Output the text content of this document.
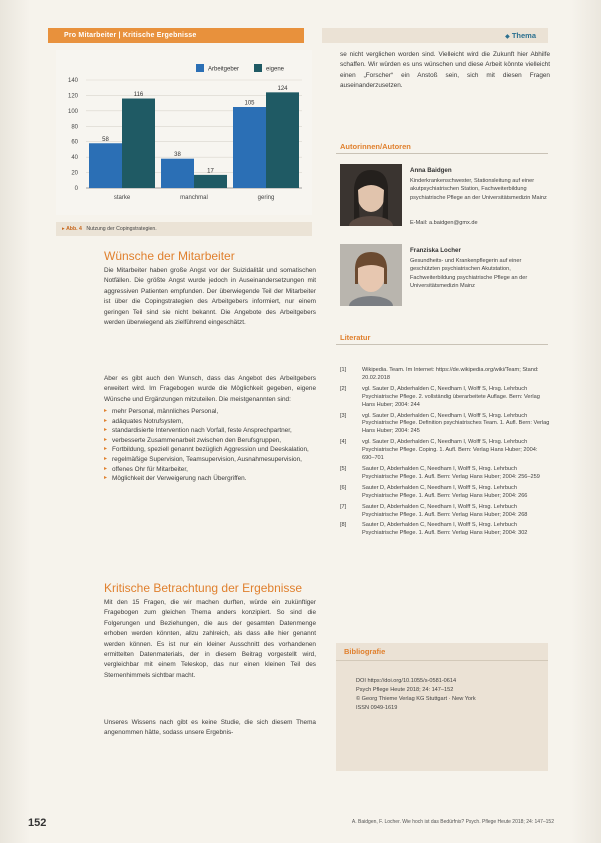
Pro Mitarbeiter | Kritische Ergebnisse	◆ Thema
0
20
40
60
80
100
120
140
58
116
starke
38
17
manchmal
105
124
gering
Arbeitgeber	eigene
▸ Abb. 4 Nutzung der Copingstrategien.
Wünsche der Mitarbeiter
Die Mitarbeiter haben große Angst vor der Suizidalität und somatischen Notfällen. Die größte Angst wurde jedoch in Auseinandersetzungen mit aggressiven Patienten empfunden. Der überwiegende Teil der Mitarbeiter ist über die Copingstrategien des Arbeitgebers informiert, nur einem geringen Teil sind sie nicht bekannt. Die Angebote des Arbeitgebers werden überwiegend als zielführend eingeschätzt.
Aber es gibt auch den Wunsch, dass das Angebot des Arbeitgebers erweitert wird. Im Fragebogen wurde die Möglichkeit gegeben, eigene Wünsche und Ergänzungen mitzuteilen. Die meistgenannten sind:
▸ mehr Personal, männliches Personal,
▸ adäquates Notrufsystem,
▸ standardisierte Intervention nach Vorfall, feste Ansprechpartner,
▸ verbesserte Zusammenarbeit zwischen den Berufsgruppen,
▸ Fortbildung, speziell genannt bezüglich Aggression und Deeskalation,
▸ regelmäßige Supervision, Teamsupervision, Ausnahmesupervision,
▸ offenes Ohr für Mitarbeiter,
▸ Möglichkeit der Verweigerung nach Übergriffen.
Kritische Betrachtung der Ergebnisse
Mit den 15 Fragen, die wir machen durften, würde ein zukünftiger Fragebogen zum gleichen Thema anders konzipiert. So sind die Folgerungen und Beziehungen, die aus der gesamten Datenmenge erhoben werden könnten, allzu zahlreich, als dass alle hier genannt werden können. Es ist nur ein kleiner Ausschnitt des vorhandenen ermittelten Datenmaterials, der in diesem Beitrag vorgestellt wird, vergleichbar mit einem Teleskop, das nur einen kleinen Teil des Sternenhimmels sichtbar macht.
Unseres Wissens nach gibt es keine Studie, die sich diesem Thema angenommen hätte, sodass unsere Ergebnis-
se nicht verglichen worden sind. Vielleicht wird die Zukunft hier Abhilfe schaffen. Wir würden es uns wünschen und diese Arbeit könnte vielleicht einen „Forscher“ ein Anstoß sein, sich mit diesen Fragen auseinanderzusetzen.
Autorinnen/Autoren
Anna Baidgen
Kinderkrankenschwester, Stationsleitung auf einer akutpsychiatrischen Station, Fachweiterbildung psychiatrische Pflege an der Universitätsmedizin Mainz
E-Mail: a.baidgen@gmx.de
Franziska Locher
Gesundheits- und Krankenpflegerin auf einer geschützten psychiatrischen Akutstation, Fachweiterbildung psychiatrische Pflege an der Universitätsmedizin Mainz
Literatur
[1]	Wikipedia. Team. Im Internet: https://de.wikipedia.org/wiki/Team; Stand: 20.02.2018
[2]	vgl. Sauter D, Abderhalden C, Needham I, Wolff S, Hrsg. Lehrbuch Psychiatrische Pflege. 2. vollständig überarbeitete Auflage. Bern: Verlag Hans Huber; 2004: 244
[3]	vgl. Sauter D, Abderhalden C, Needham I, Wolff S, Hrsg. Lehrbuch Psychiatrische Pflege. Definition psychiatrisches Team. 1. Aufl. Bern: Verlag Hans Huber; 2004: 245
[4]	vgl. Sauter D, Abderhalden C, Needham I, Wolff S, Hrsg. Lehrbuch Psychiatrische Pflege. Coping. 1. Aufl. Bern: Verlag Hans Huber; 2004: 690–701
[5]	Sauter D, Abderhalden C, Needham I, Wolff S, Hrsg. Lehrbuch Psychiatrische Pflege. 1. Aufl. Bern: Verlag Hans Huber; 2004: 256–259
[6]	Sauter D, Abderhalden C, Needham I, Wolff S, Hrsg. Lehrbuch Psychiatrische Pflege. 1. Aufl. Bern: Verlag Hans Huber; 2004: 266
[7]	Sauter D, Abderhalden C, Needham I, Wolff S, Hrsg. Lehrbuch Psychiatrische Pflege. 1. Aufl. Bern: Verlag Hans Huber; 2004: 268
[8]	Sauter D, Abderhalden C, Needham I, Wolff S, Hrsg. Lehrbuch Psychiatrische Pflege. 1. Aufl. Bern: Verlag Hans Huber; 2004: 302
Bibliografie
DOI https://doi.org/10.1055/s-0581-0614
Psych Pflege Heute 2018; 24: 147–152
© Georg Thieme Verlag KG Stuttgart · New York
ISSN 0949-1619
152	A. Baidgen, F. Locher. Wie hoch ist das Bedürfnis? Psych. Pflege Heute 2018; 24: 147–152
